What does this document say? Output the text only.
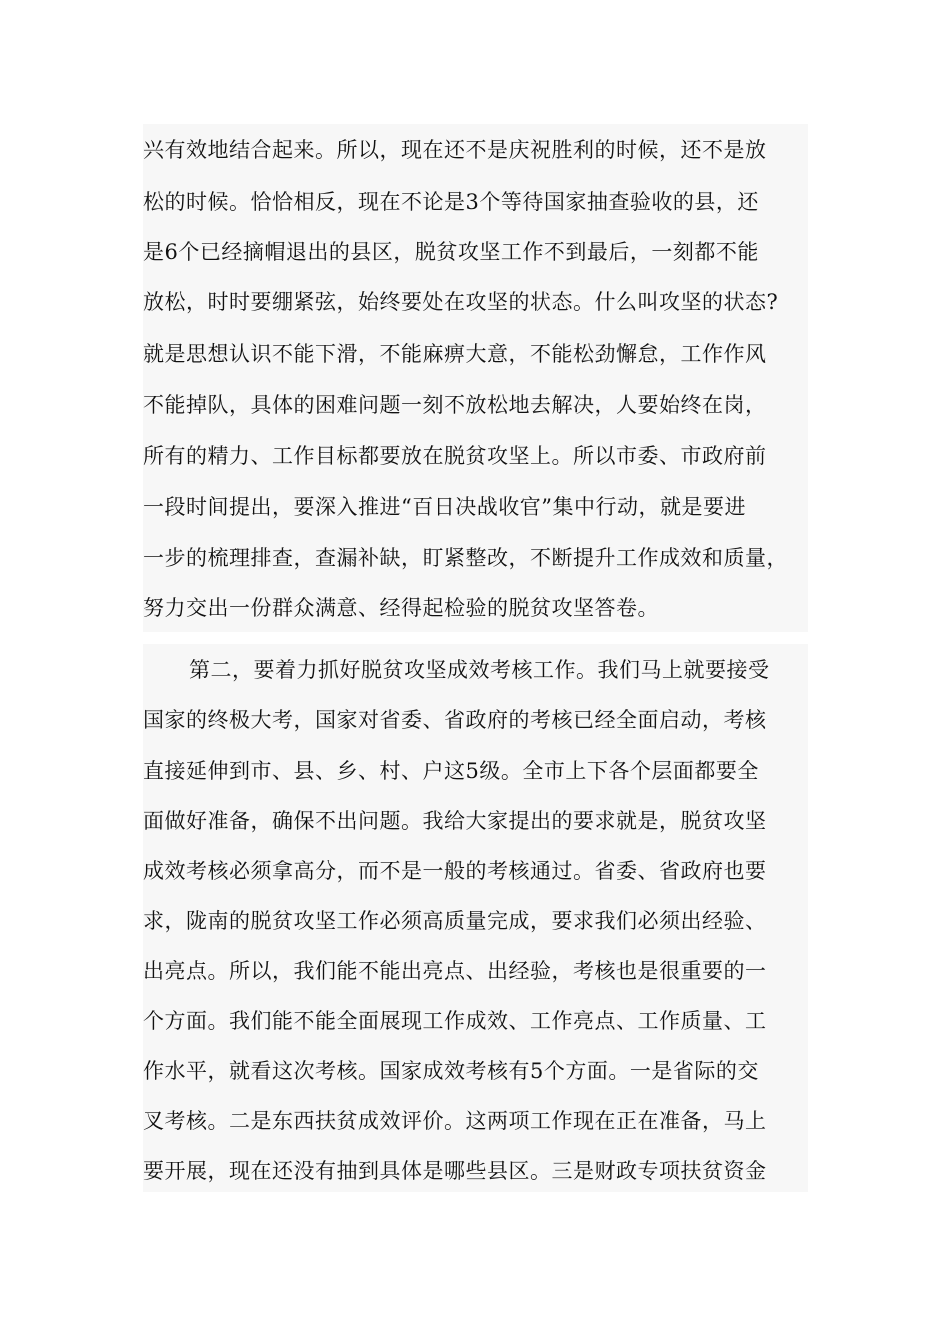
兴有效地结合起来。所以，现在还不是庆祝胜利的时候，还不是放
松的时候。恰恰相反，现在不论是3个等待国家抽查验收的县，还
是6个已经摘帽退出的县区，脱贫攻坚工作不到最后，一刻都不能
放松，时时要绷紧弦，始终要处在攻坚的状态。什么叫攻坚的状态?
就是思想认识不能下滑，不能麻痹大意，不能松劲懈怠，工作作风
不能掉队，具体的困难问题一刻不放松地去解决，人要始终在岗，
所有的精力、工作目标都要放在脱贫攻坚上。所以市委、市政府前
一段时间提出，要深入推进“百日决战收官”集中行动，就是要进
一步的梳理排查，查漏补缺，盯紧整改，不断提升工作成效和质量，
努力交出一份群众满意、经得起检验的脱贫攻坚答卷。
第二，要着力抓好脱贫攻坚成效考核工作。我们马上就要接受
国家的终极大考，国家对省委、省政府的考核已经全面启动，考核
直接延伸到市、县、乡、村、户这5级。全市上下各个层面都要全
面做好准备，确保不出问题。我给大家提出的要求就是，脱贫攻坚
成效考核必须拿高分，而不是一般的考核通过。省委、省政府也要
求，陇南的脱贫攻坚工作必须高质量完成，要求我们必须出经验、
出亮点。所以，我们能不能出亮点、出经验，考核也是很重要的一
个方面。我们能不能全面展现工作成效、工作亮点、工作质量、工
作水平，就看这次考核。国家成效考核有5个方面。一是省际的交
叉考核。二是东西扶贫成效评价。这两项工作现在正在准备，马上
要开展，现在还没有抽到具体是哪些县区。三是财政专项扶贫资金
